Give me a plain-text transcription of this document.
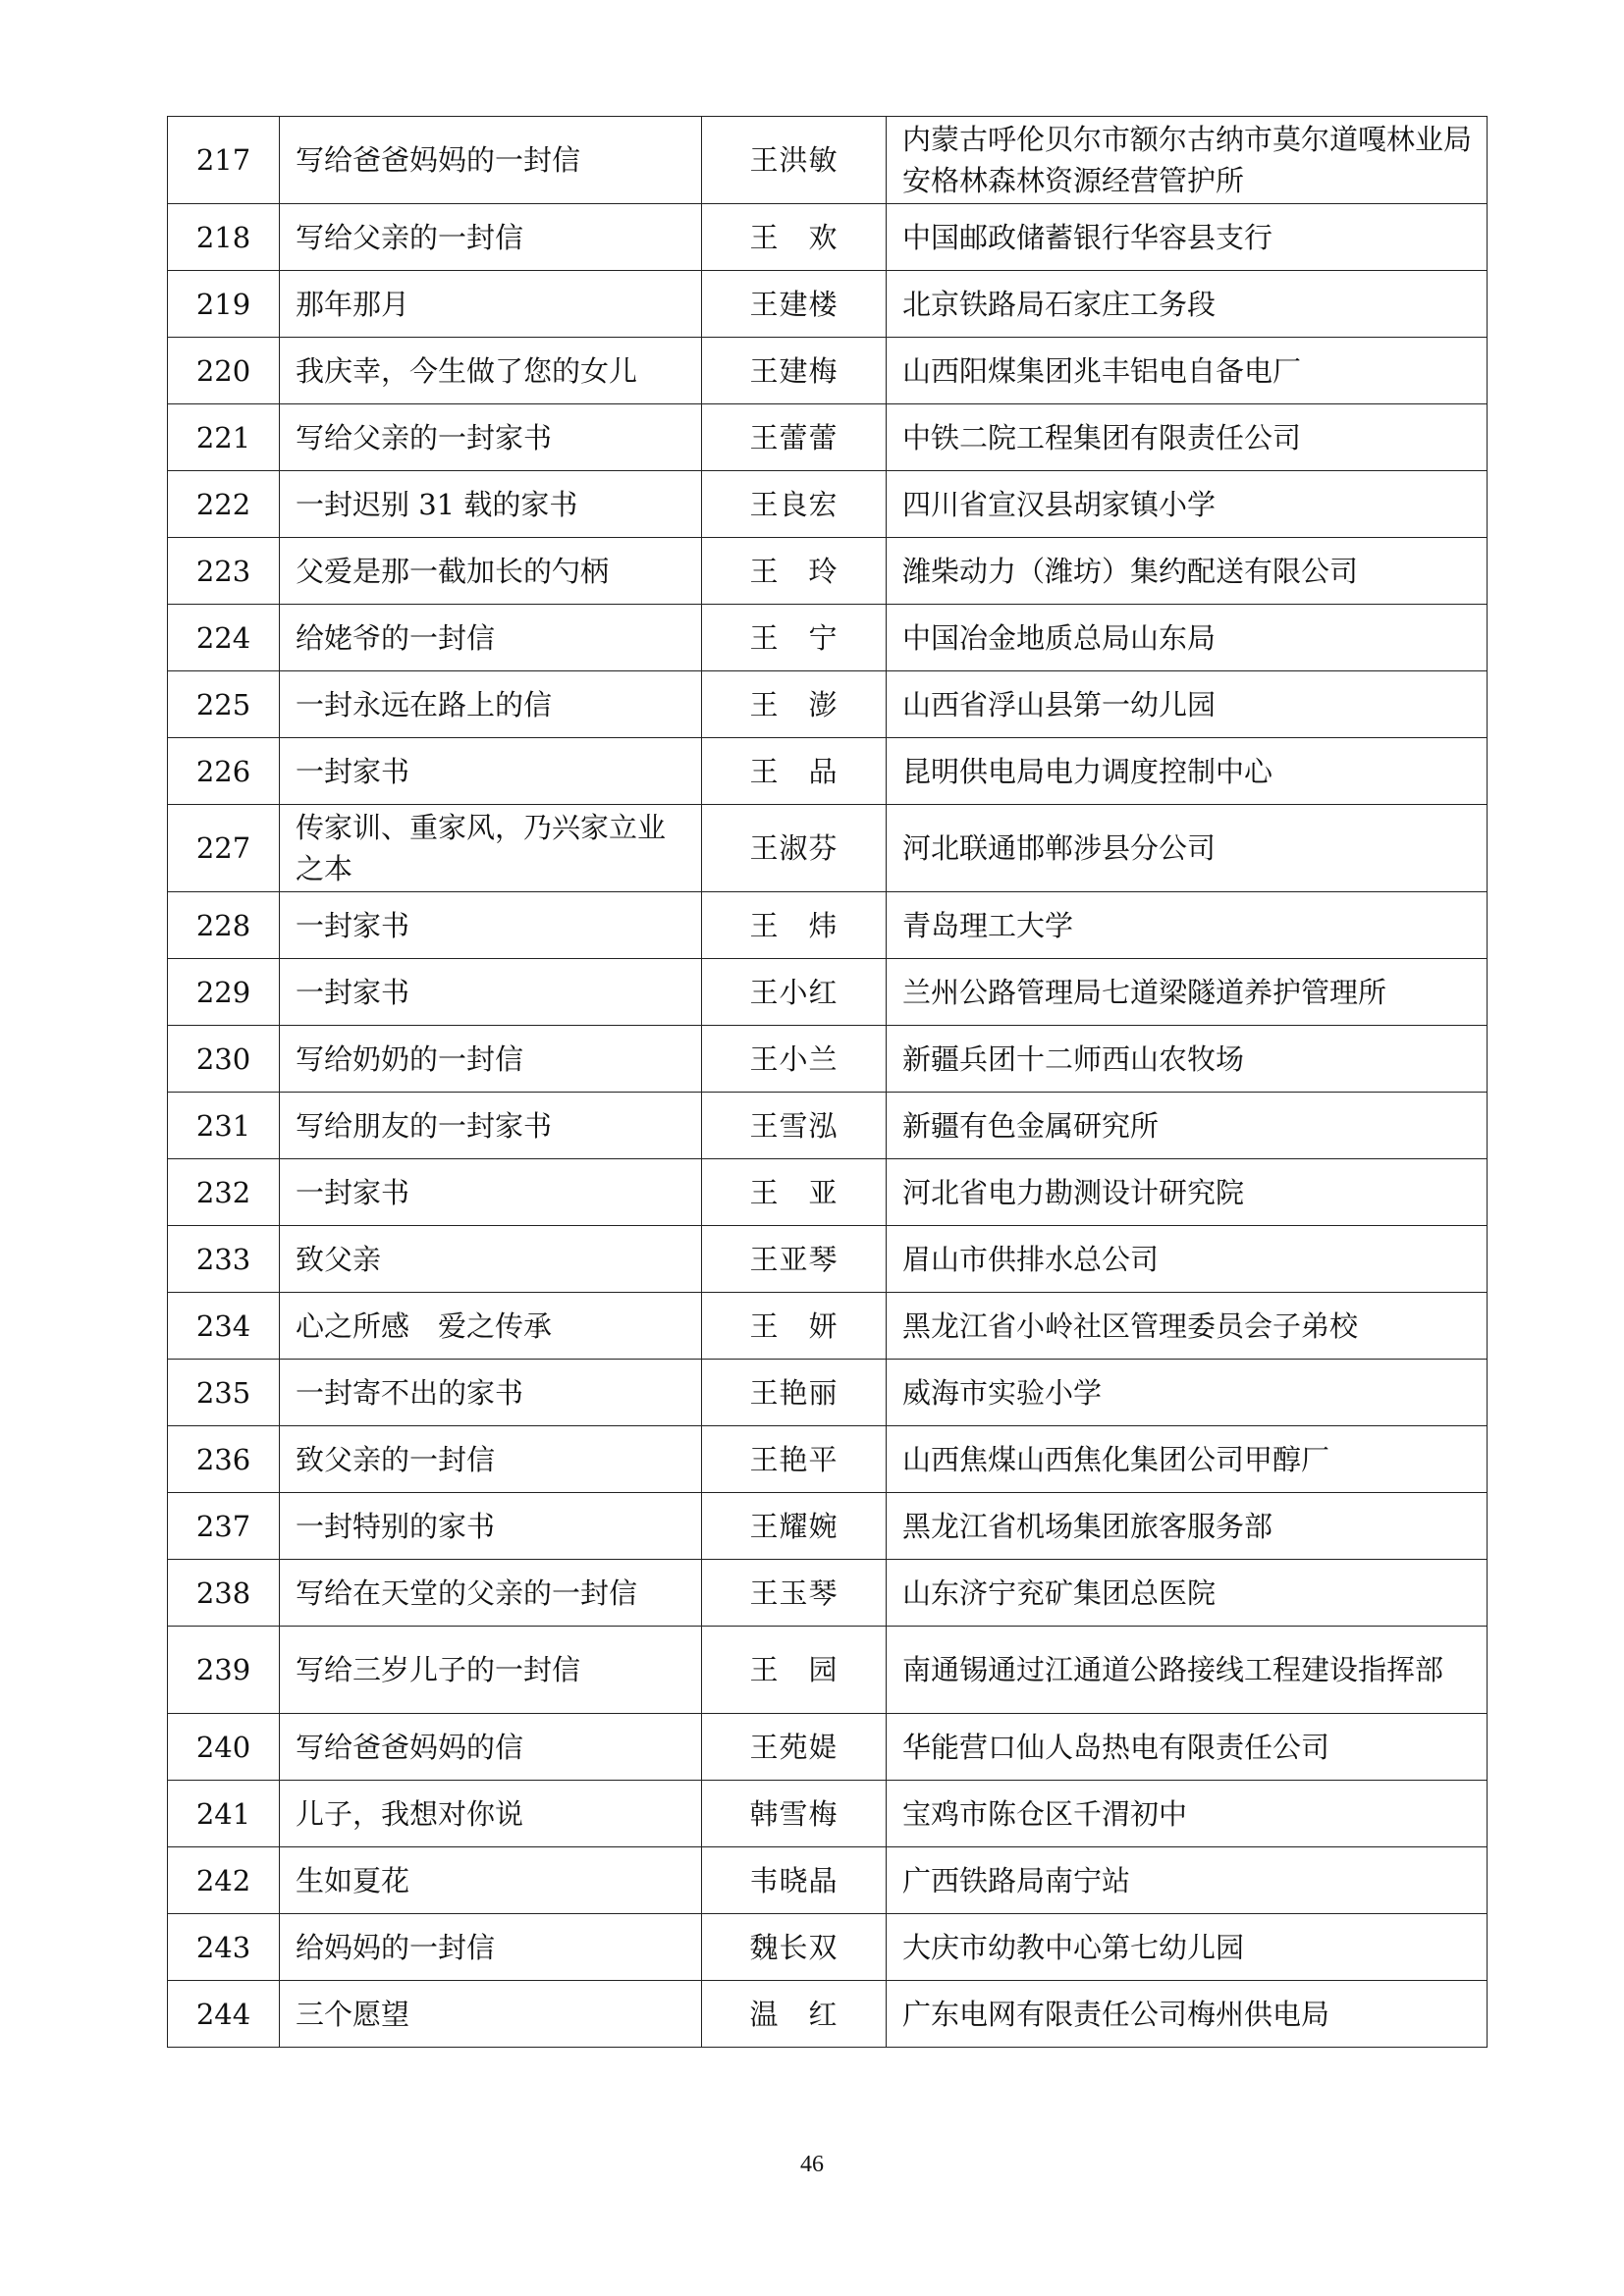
217	写给爸爸妈妈的一封信	王洪敏	内蒙古呼伦贝尔市额尔古纳市莫尔道嘎林业局安格林森林资源经营管护所
218	写给父亲的一封信	王　欢	中国邮政储蓄银行华容县支行
219	那年那月	王建楼	北京铁路局石家庄工务段
220	我庆幸，今生做了您的女儿	王建梅	山西阳煤集团兆丰铝电自备电厂
221	写给父亲的一封家书	王蕾蕾	中铁二院工程集团有限责任公司
222	一封迟别 31 载的家书	王良宏	四川省宣汉县胡家镇小学
223	父爱是那一截加长的勺柄	王　玲	潍柴动力（潍坊）集约配送有限公司
224	给姥爷的一封信	王　宁	中国冶金地质总局山东局
225	一封永远在路上的信	王　澎	山西省浮山县第一幼儿园
226	一封家书	王　品	昆明供电局电力调度控制中心
227	传家训、重家风，乃兴家立业之本	王淑芬	河北联通邯郸涉县分公司
228	一封家书	王　炜	青岛理工大学
229	一封家书	王小红	兰州公路管理局七道梁隧道养护管理所
230	写给奶奶的一封信	王小兰	新疆兵团十二师西山农牧场
231	写给朋友的一封家书	王雪泓	新疆有色金属研究所
232	一封家书	王　亚	河北省电力勘测设计研究院
233	致父亲	王亚琴	眉山市供排水总公司
234	心之所感　爱之传承	王　妍	黑龙江省小岭社区管理委员会子弟校
235	一封寄不出的家书	王艳丽	威海市实验小学
236	致父亲的一封信	王艳平	山西焦煤山西焦化集团公司甲醇厂
237	一封特别的家书	王耀婉	黑龙江省机场集团旅客服务部
238	写给在天堂的父亲的一封信	王玉琴	山东济宁兖矿集团总医院
239	写给三岁儿子的一封信	王　园	南通锡通过江通道公路接线工程建设指挥部
240	写给爸爸妈妈的信	王苑媞	华能营口仙人岛热电有限责任公司
241	儿子，我想对你说	韩雪梅	宝鸡市陈仓区千渭初中
242	生如夏花	韦晓晶	广西铁路局南宁站
243	给妈妈的一封信	魏长双	大庆市幼教中心第七幼儿园
244	三个愿望	温　红	广东电网有限责任公司梅州供电局
46
